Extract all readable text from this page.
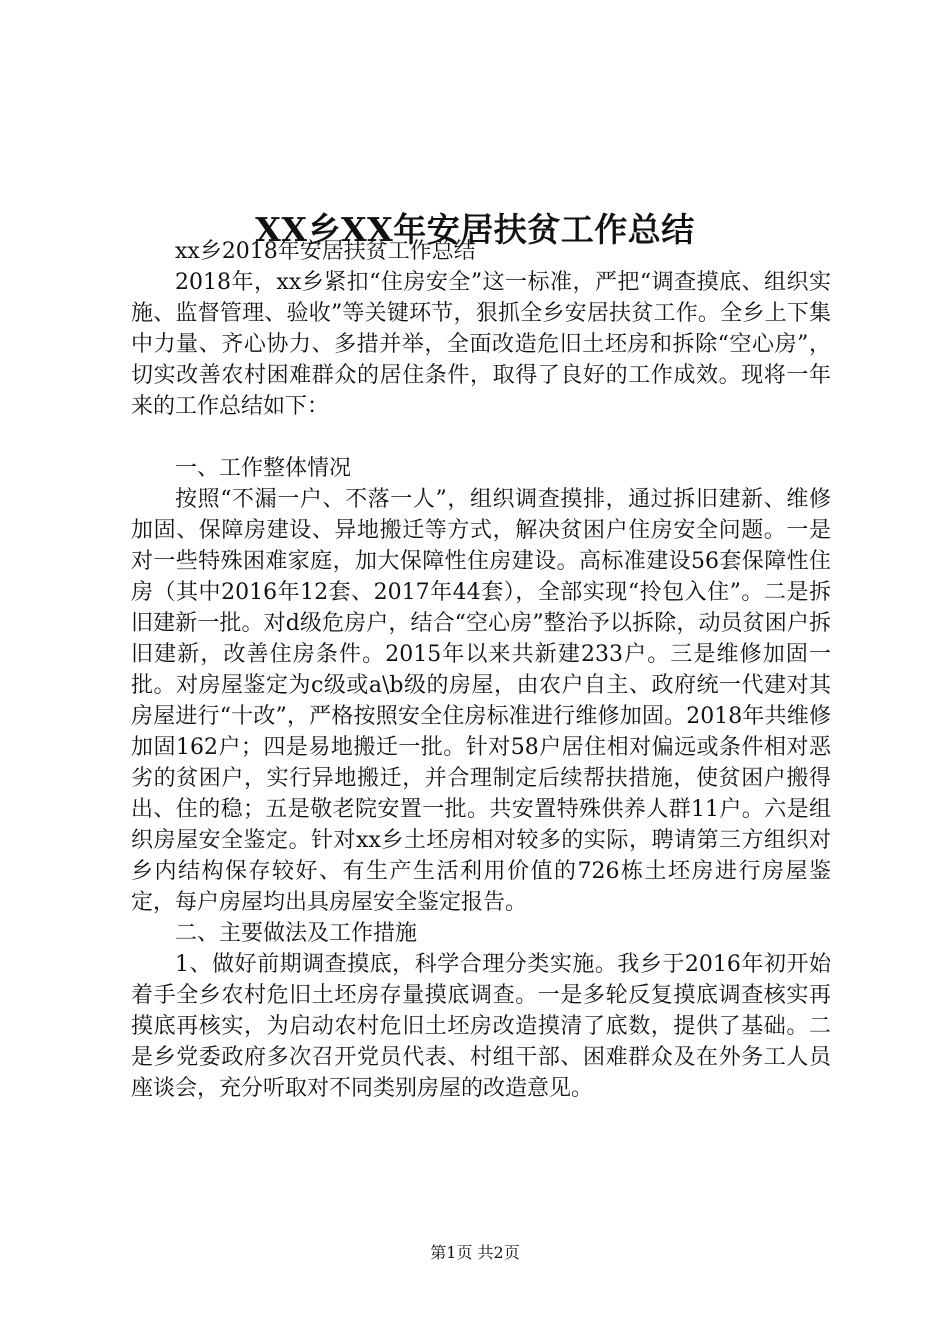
XX乡XX年安居扶贫工作总结

xx乡2018年安居扶贫工作总结

2018年，xx乡紧扣“住房安全”这一标准，严把“调查摸底、组织实施、监督管理、验收”等关键环节，狠抓全乡安居扶贫工作。全乡上下集中力量、齐心协力、多措并举，全面改造危旧土坯房和拆除“空心房”，切实改善农村困难群众的居住条件，取得了良好的工作成效。现将一年来的工作总结如下：

一、工作整体情况

按照“不漏一户、不落一人”，组织调查摸排，通过拆旧建新、维修加固、保障房建设、异地搬迁等方式，解决贫困户住房安全问题。一是对一些特殊困难家庭，加大保障性住房建设。高标准建设56套保障性住房（其中2016年12套、2017年44套），全部实现“拎包入住”。二是拆旧建新一批。对d级危房户，结合“空心房”整治予以拆除，动员贫困户拆旧建新，改善住房条件。2015年以来共新建233户。三是维修加固一批。对房屋鉴定为c级或a\b级的房屋，由农户自主、政府统一代建对其房屋进行“十改”，严格按照安全住房标准进行维修加固。2018年共维修加固162户；四是易地搬迁一批。针对58户居住相对偏远或条件相对恶劣的贫困户，实行异地搬迁，并合理制定后续帮扶措施，使贫困户搬得出、住的稳；五是敬老院安置一批。共安置特殊供养人群11户。六是组织房屋安全鉴定。针对xx乡土坯房相对较多的实际，聘请第三方组织对乡内结构保存较好、有生产生活利用价值的726栋土坯房进行房屋鉴定，每户房屋均出具房屋安全鉴定报告。

二、主要做法及工作措施

1、做好前期调查摸底，科学合理分类实施。我乡于2016年初开始着手全乡农村危旧土坯房存量摸底调查。一是多轮反复摸底调查核实再摸底再核实，为启动农村危旧土坯房改造摸清了底数，提供了基础。二是乡党委政府多次召开党员代表、村组干部、困难群众及在外务工人员座谈会，充分听取对不同类别房屋的改造意见。

第1页 共2页
